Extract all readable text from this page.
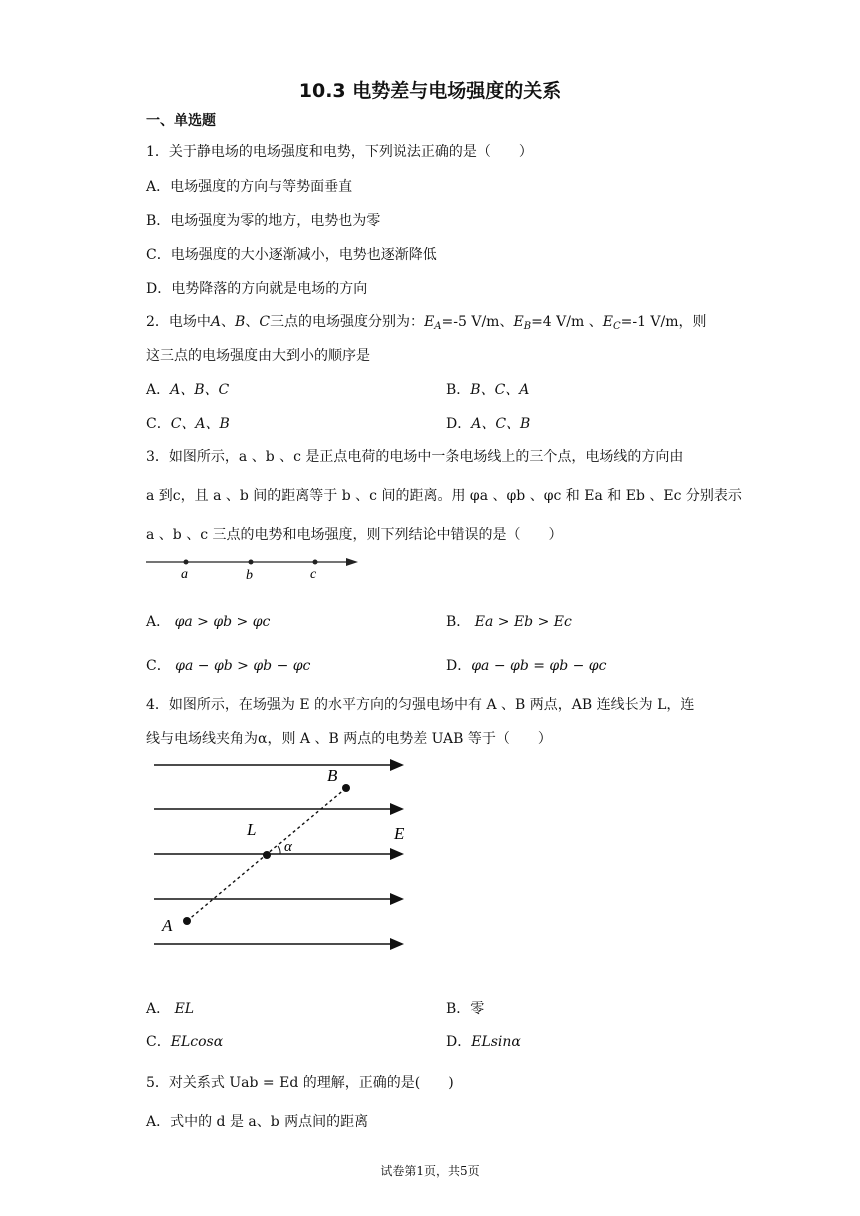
10.3 电势差与电场强度的关系
一、单选题
1．关于静电场的电场强度和电势，下列说法正确的是（　　）
A．电场强度的方向与等势面垂直
B．电场强度为零的地方，电势也为零
C．电场强度的大小逐渐减小，电势也逐渐降低
D．电势降落的方向就是电场的方向
2．电场中A、B、C三点的电场强度分别为：$E_A=-5$ V/m、$E_B=4$ V/m 、$E_C=-1$ V/m，则
这三点的电场强度由大到小的顺序是
A．A、B、C	B．B、C、A
C．C、A、B	D．A、C、B
3．如图所示，a 、b 、c 是正点电荷的电场中一条电场线上的三个点，电场线的方向由
a 到c，且 a 、b 间的距离等于 b 、c 间的距离。用 φa 、φb 、φc 和 Ea 和 Eb 、Ec 分别表示
a 、b 、c 三点的电势和电场强度，则下列结论中错误的是（　　）
a	b	c
A． φa > φb > φc	B． Ea > Eb > Ec
C． φa − φb > φb − φc	D．φa − φb = φb − φc
4．如图所示，在场强为 E 的水平方向的匀强电场中有 A 、B 两点，AB 连线长为 L，连
线与电场线夹角为α，则 A 、B 两点的电势差 UAB 等于（　　）
B
L	E
α
A
A． EL	B．零
C．ELcosα	D．ELsinα
5．对关系式 Uab = Ed 的理解，正确的是(　　)
A．式中的 d 是 a、b 两点间的距离
试卷第1页，共5页
